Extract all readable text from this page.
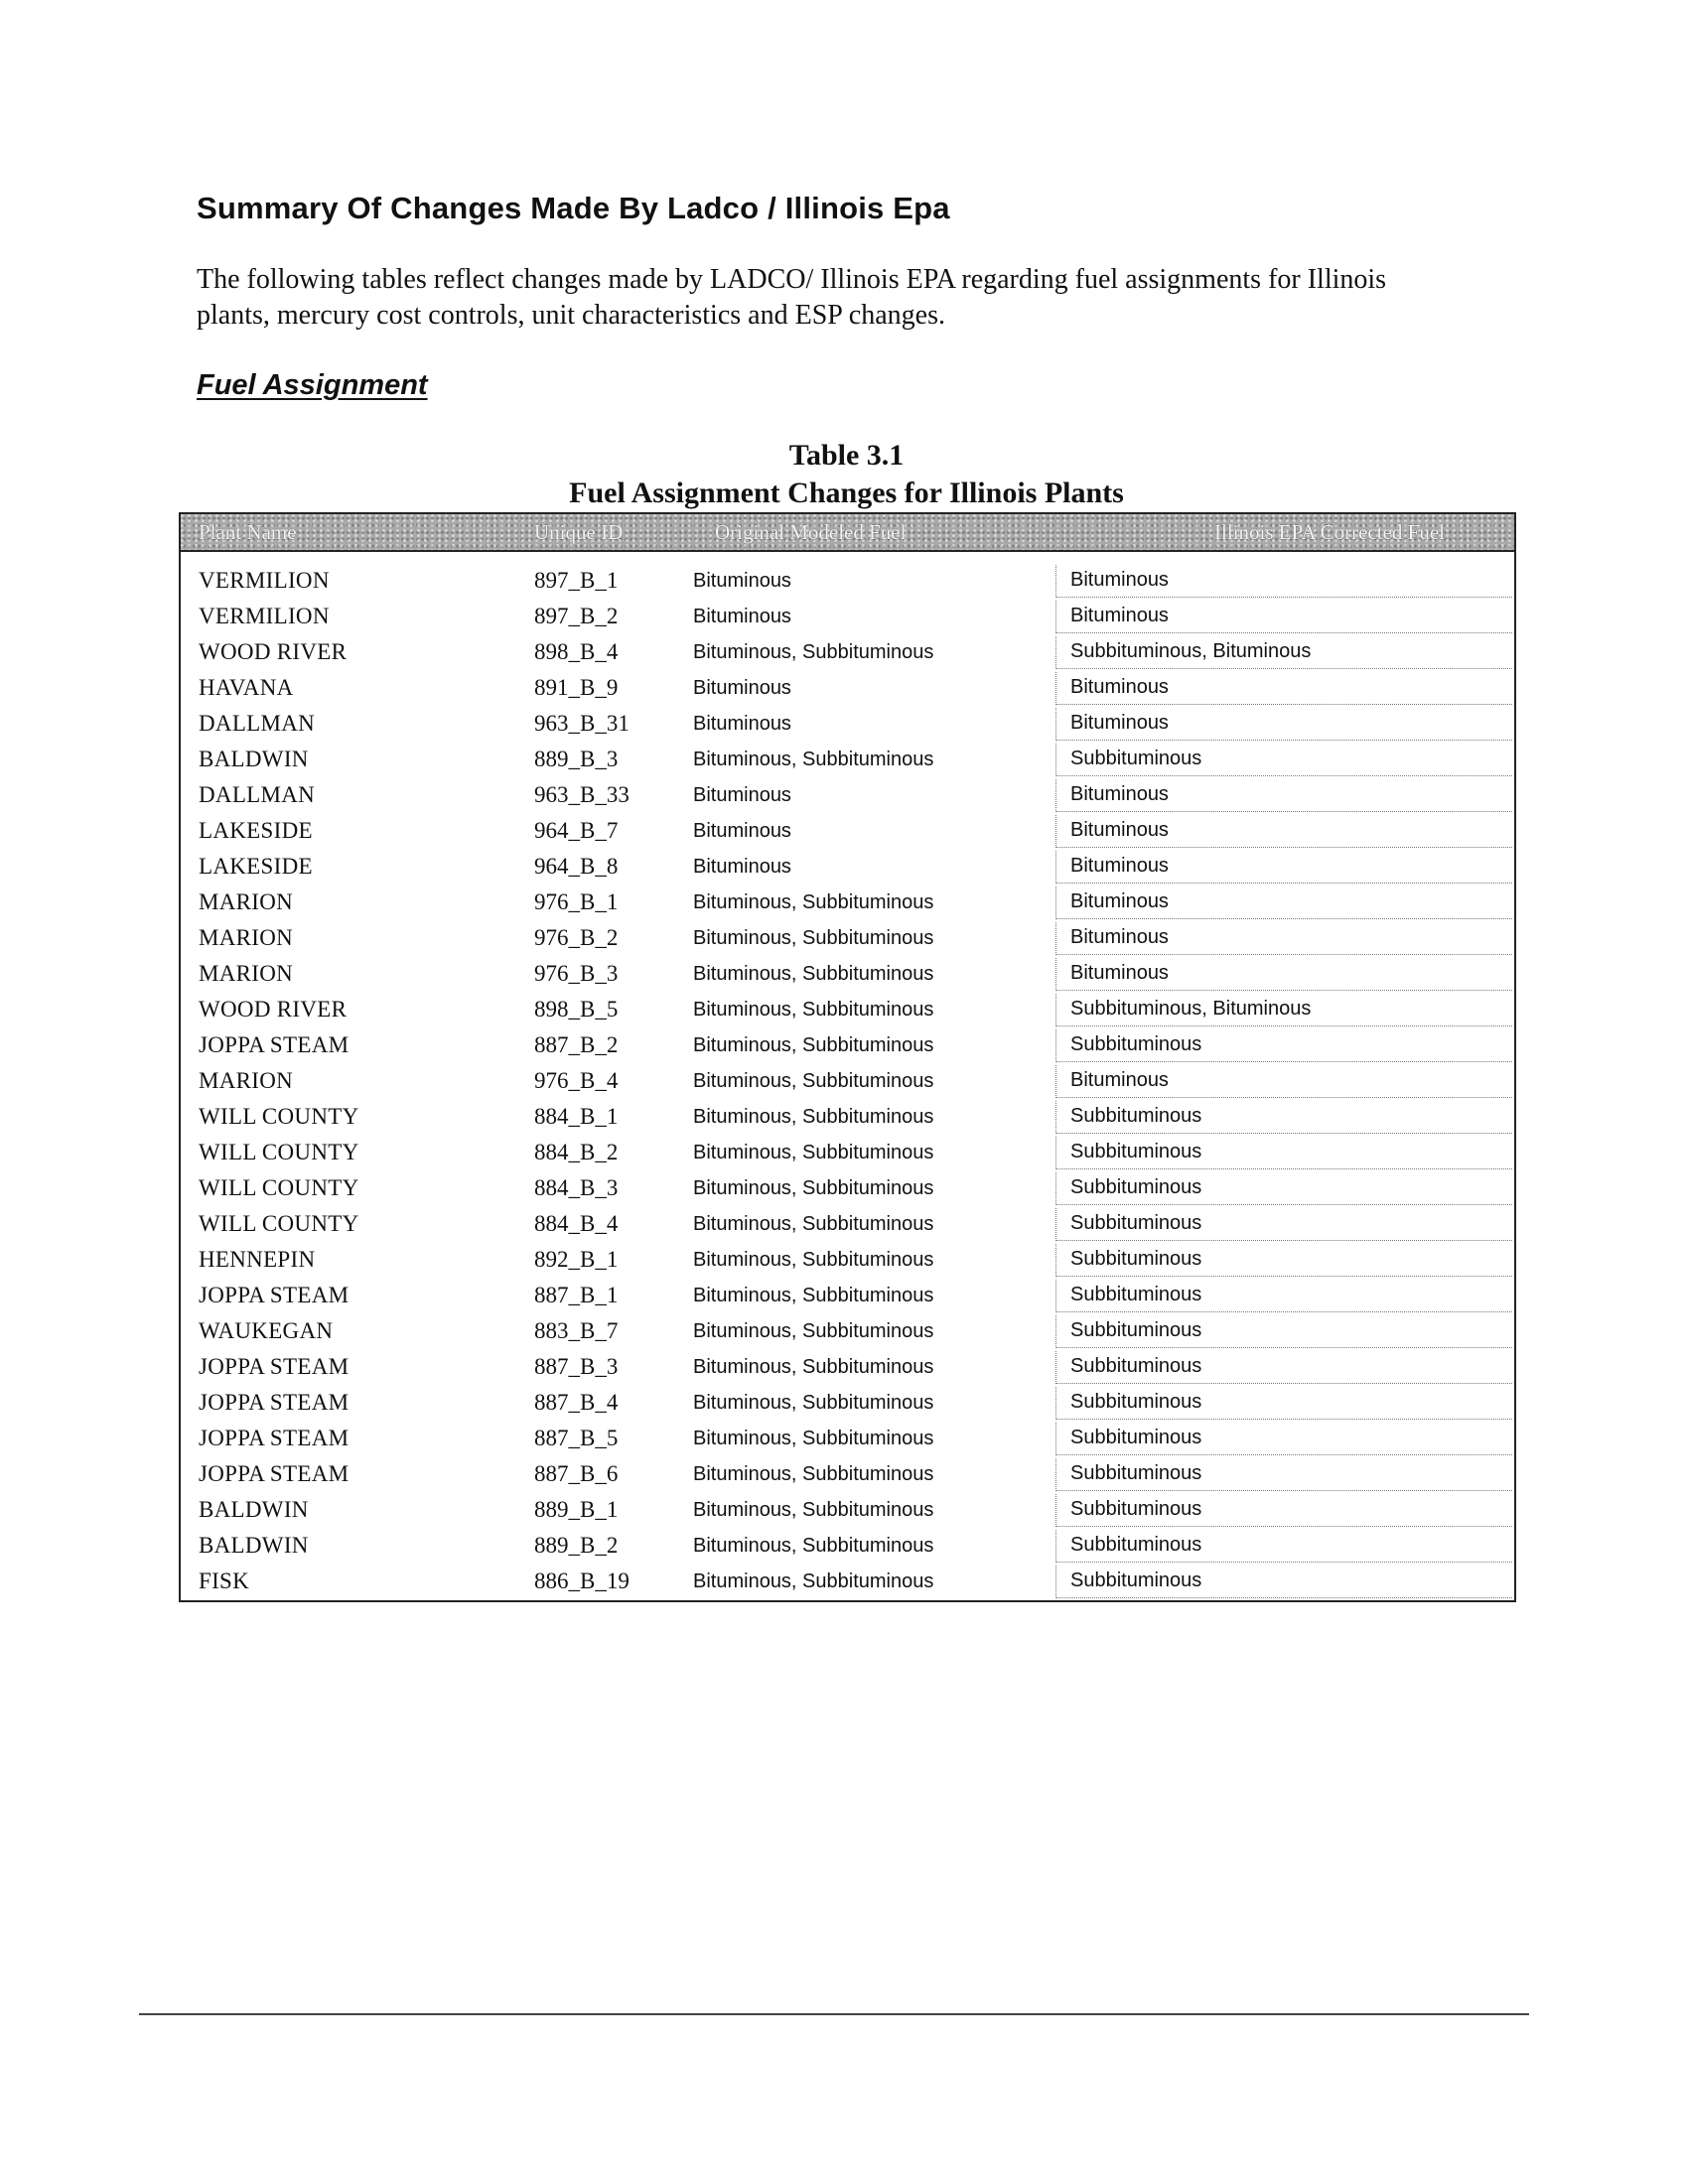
Summary Of Changes Made By Ladco / Illinois Epa

The following tables reflect changes made by LADCO/ Illinois EPA regarding fuel assignments for Illinois plants, mercury cost controls, unit characteristics and ESP changes.

Fuel Assignment
Table 3.1
Fuel Assignment Changes for Illinois Plants
Plant Name	Unique ID	Original Modeled Fuel	Illinois EPA Corrected Fuel
VERMILION	897_B_1	Bituminous	Bituminous
VERMILION	897_B_2	Bituminous	Bituminous
WOOD RIVER	898_B_4	Bituminous, Subbituminous	Subbituminous, Bituminous
HAVANA	891_B_9	Bituminous	Bituminous
DALLMAN	963_B_31	Bituminous	Bituminous
BALDWIN	889_B_3	Bituminous, Subbituminous	Subbituminous
DALLMAN	963_B_33	Bituminous	Bituminous
LAKESIDE	964_B_7	Bituminous	Bituminous
LAKESIDE	964_B_8	Bituminous	Bituminous
MARION	976_B_1	Bituminous, Subbituminous	Bituminous
MARION	976_B_2	Bituminous, Subbituminous	Bituminous
MARION	976_B_3	Bituminous, Subbituminous	Bituminous
WOOD RIVER	898_B_5	Bituminous, Subbituminous	Subbituminous, Bituminous
JOPPA STEAM	887_B_2	Bituminous, Subbituminous	Subbituminous
MARION	976_B_4	Bituminous, Subbituminous	Bituminous
WILL COUNTY	884_B_1	Bituminous, Subbituminous	Subbituminous
WILL COUNTY	884_B_2	Bituminous, Subbituminous	Subbituminous
WILL COUNTY	884_B_3	Bituminous, Subbituminous	Subbituminous
WILL COUNTY	884_B_4	Bituminous, Subbituminous	Subbituminous
HENNEPIN	892_B_1	Bituminous, Subbituminous	Subbituminous
JOPPA STEAM	887_B_1	Bituminous, Subbituminous	Subbituminous
WAUKEGAN	883_B_7	Bituminous, Subbituminous	Subbituminous
JOPPA STEAM	887_B_3	Bituminous, Subbituminous	Subbituminous
JOPPA STEAM	887_B_4	Bituminous, Subbituminous	Subbituminous
JOPPA STEAM	887_B_5	Bituminous, Subbituminous	Subbituminous
JOPPA STEAM	887_B_6	Bituminous, Subbituminous	Subbituminous
BALDWIN	889_B_1	Bituminous, Subbituminous	Subbituminous
BALDWIN	889_B_2	Bituminous, Subbituminous	Subbituminous
FISK	886_B_19	Bituminous, Subbituminous	Subbituminous
